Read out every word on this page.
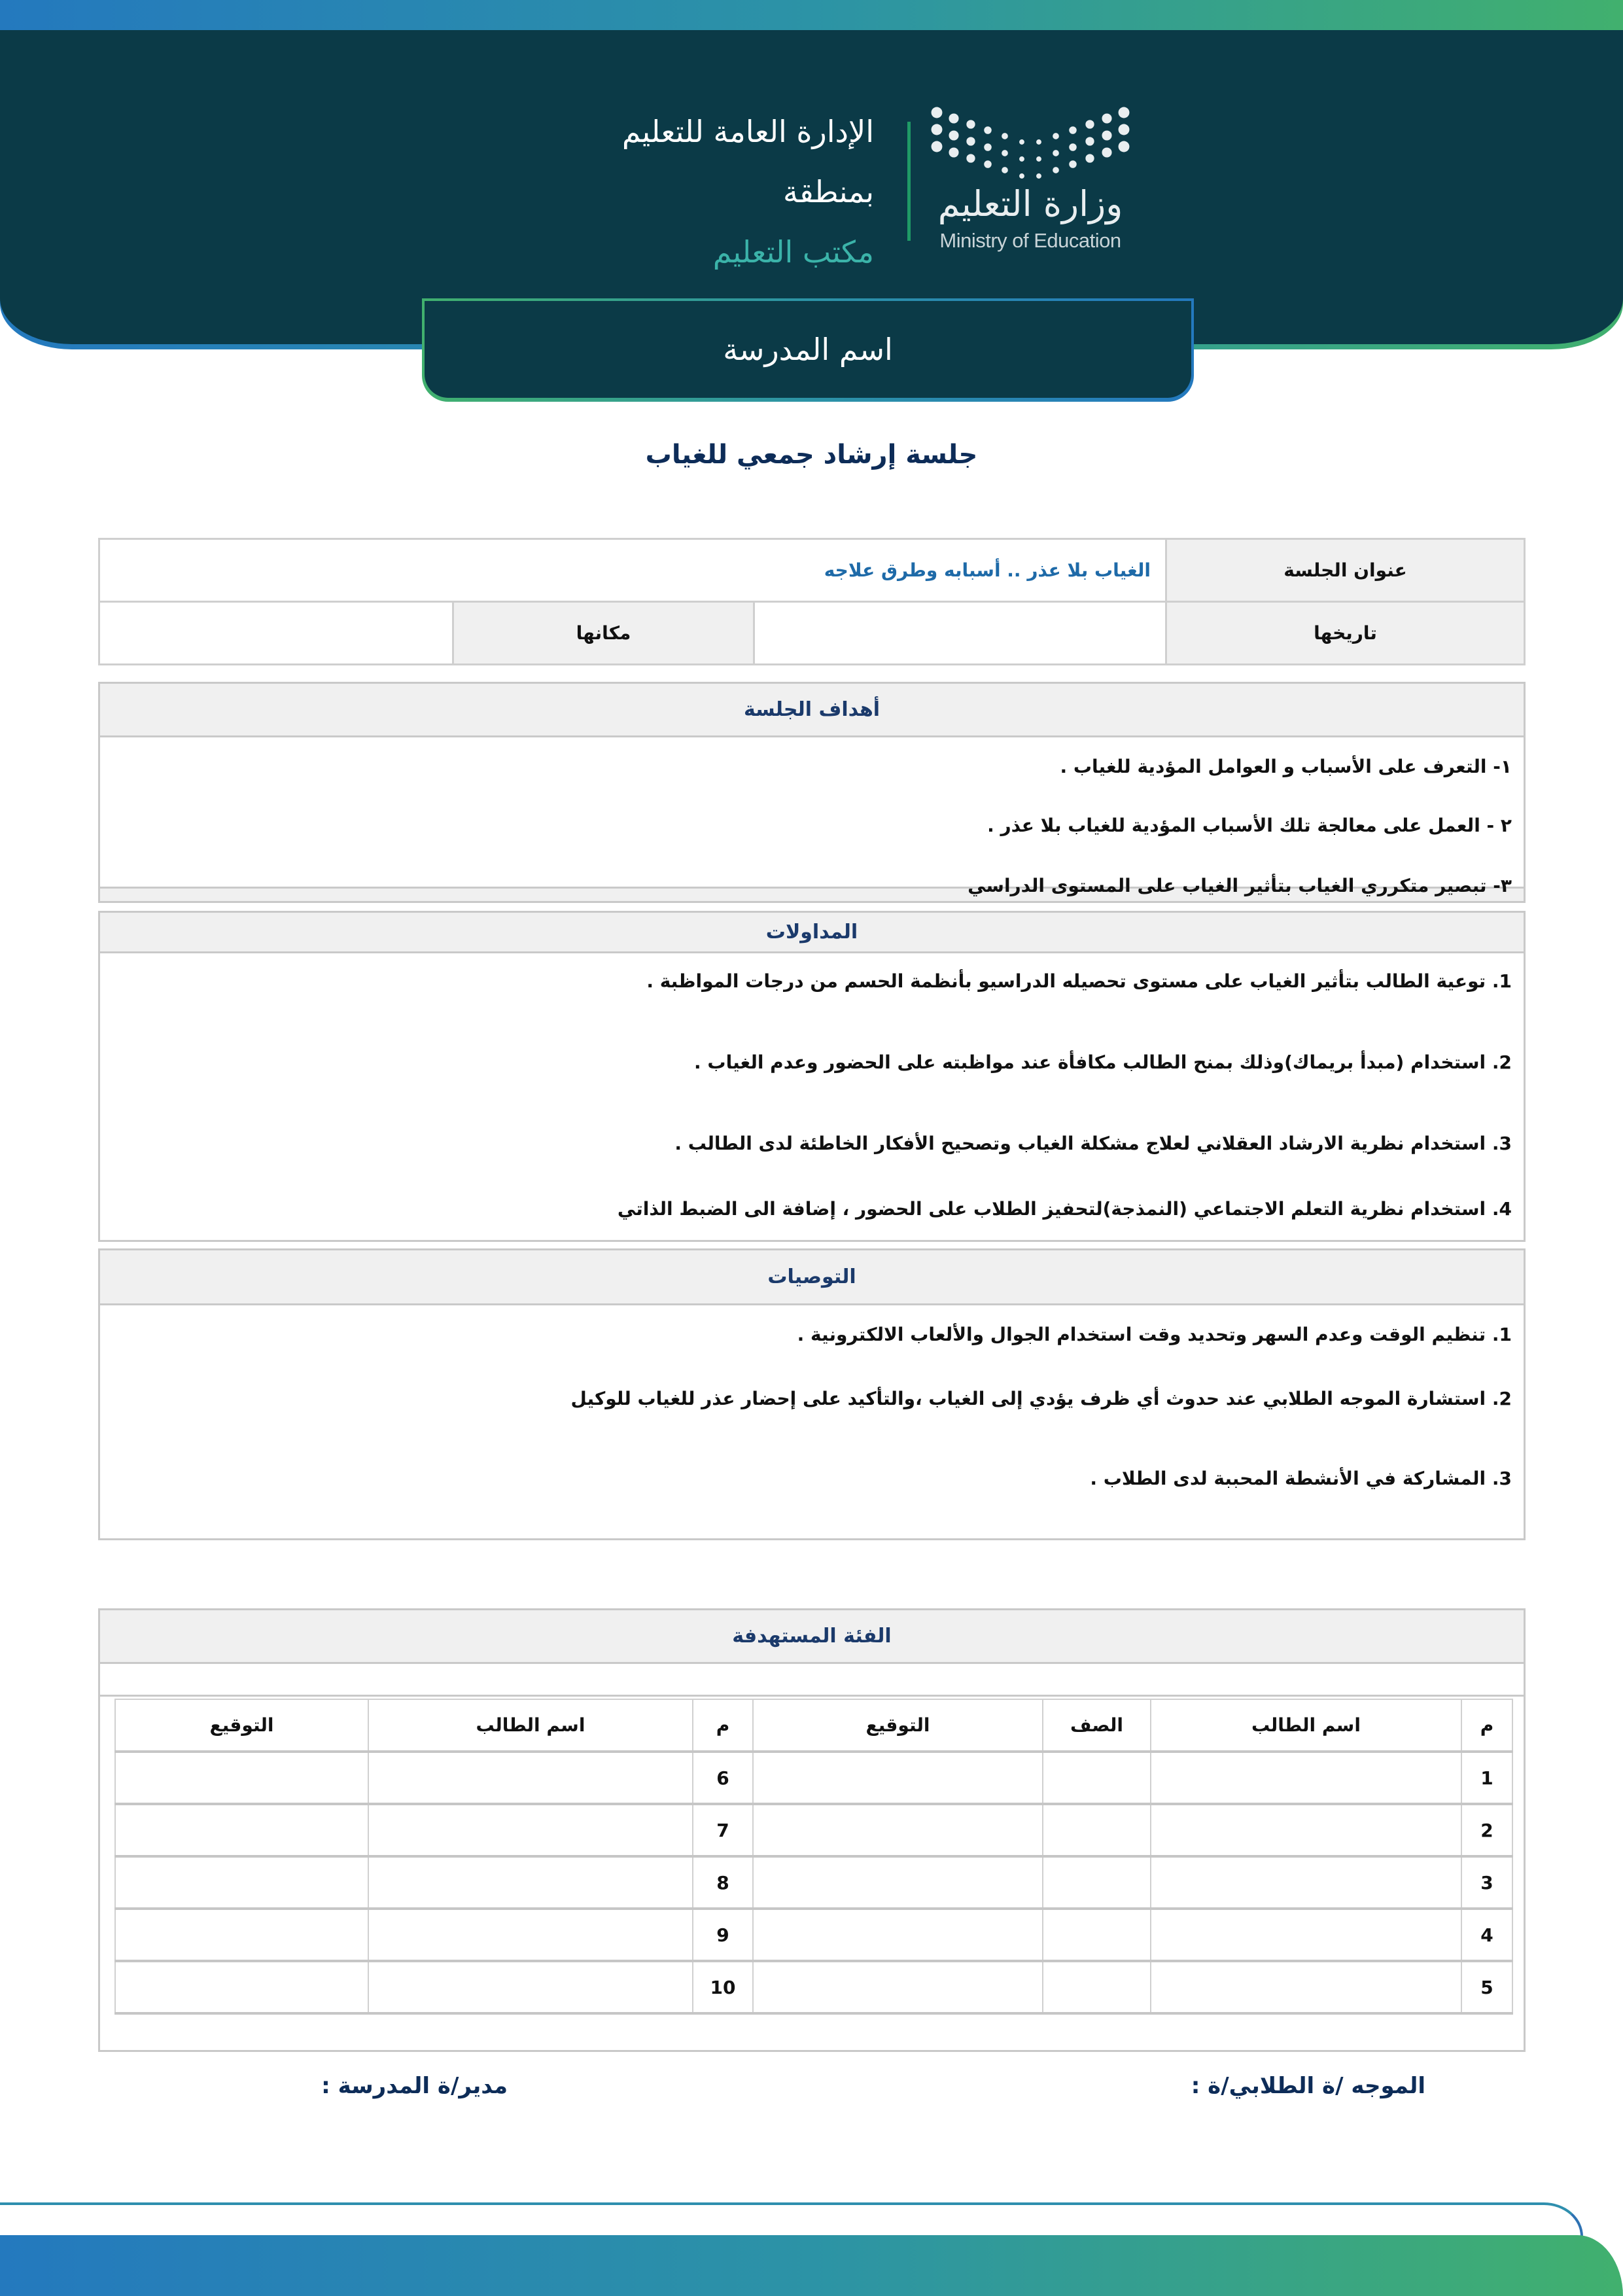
وزارة التعليم
Ministry of Education
الإدارة العامة للتعليم
بمنطقة
مكتب التعليم
اسم المدرسة
جلسة إرشاد جمعي للغياب
عنوان الجلسة	الغياب بلا عذر .. أسبابه وطرق علاجه		
تاريخها		مكانها	
أهداف الجلسة
١- التعرف على الأسباب و العوامل المؤدية للغياب .
٢ - العمل على معالجة تلك الأسباب المؤدية للغياب بلا عذر .
٣- تبصير متكرري الغياب بتأثير الغياب على المستوى الدراسي
المداولات
1. توعية الطالب بتأثير الغياب على مستوى تحصيله الدراسيو بأنظمة الحسم من درجات المواظبة .
2. استخدام (مبدأ بريماك)وذلك بمنح الطالب مكافأة عند مواظبته على الحضور وعدم الغياب .
3. استخدام نظرية الارشاد العقلاني لعلاج مشكلة الغياب وتصحيح الأفكار الخاطئة لدى الطالب .
4. استخدام نظرية التعلم الاجتماعي (النمذجة)لتحفيز الطلاب على الحضور ، إضافة الى الضبط الذاتي
التوصيات
1. تنظيم الوقت وعدم السهر وتحديد وقت استخدام الجوال والألعاب الالكترونية .
2. استشارة الموجه الطلابي عند حدوث أي ظرف يؤدي إلى الغياب ،والتأكيد على إحضار عذر للغياب للوكيل
3. المشاركة في الأنشطة المحببة لدى الطلاب .
الفئة المستهدفة
م	اسم الطالب	الصف	التوقيع	م	اسم الطالب	التوقيع
1				6		
2				7		
3				8		
4				9		
5				10		
الموجه /ة الطلابي/ة :
مدير/ة المدرسة :
